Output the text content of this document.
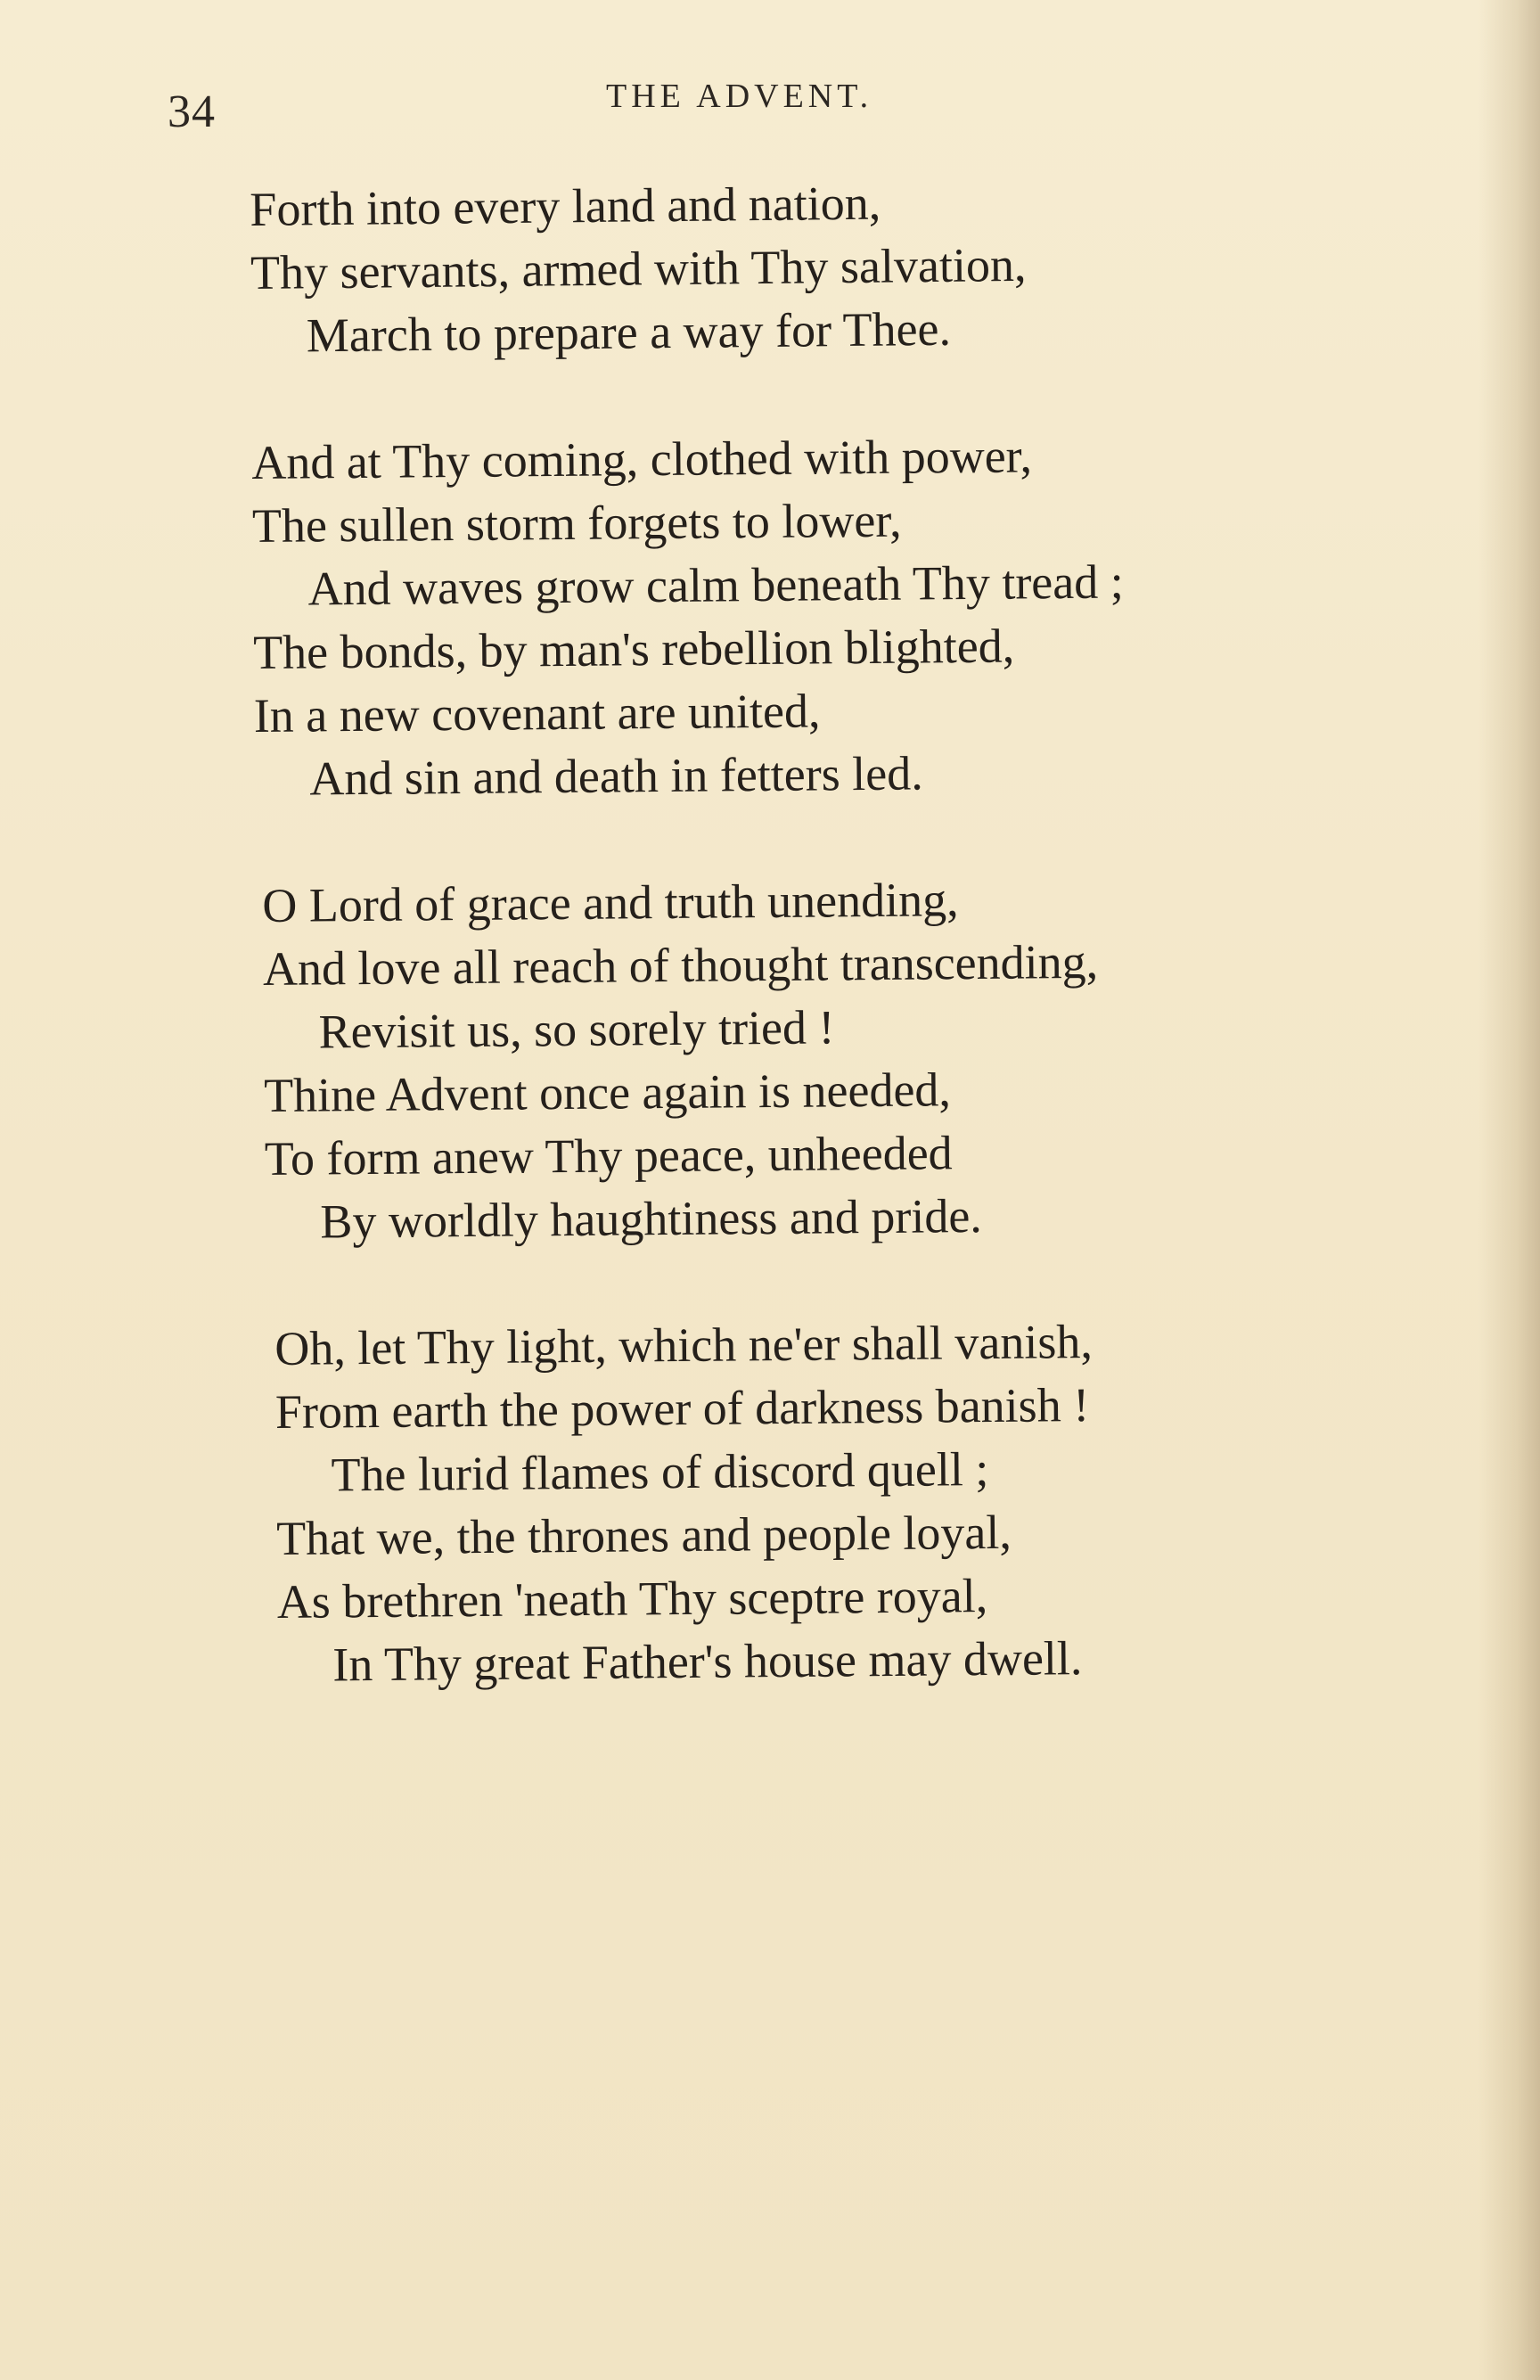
34	THE ADVENT.
Forth into every land and nation,
Thy servants, armed with Thy salvation,
March to prepare a way for Thee.
And at Thy coming, clothed with power,
The sullen storm forgets to lower,
And waves grow calm beneath Thy tread ;
The bonds, by man's rebellion blighted,
In a new covenant are united,
And sin and death in fetters led.
O Lord of grace and truth unending,
And love all reach of thought transcending,
Revisit us, so sorely tried !
Thine Advent once again is needed,
To form anew Thy peace, unheeded
By worldly haughtiness and pride.
Oh, let Thy light, which ne'er shall vanish,
From earth the power of darkness banish !
The lurid flames of discord quell ;
That we, the thrones and people loyal,
As brethren 'neath Thy sceptre royal,
In Thy great Father's house may dwell.
